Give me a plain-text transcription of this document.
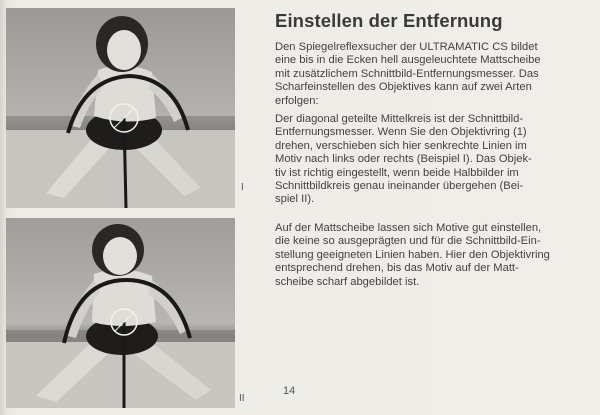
I
II
Einstellen der Entfernung

Den Spiegelreflexsucher der ULTRAMATIC CS bildet
eine bis in die Ecken hell ausgeleuchtete Mattscheibe
mit zusätzlichem Schnittbild-Entfernungsmesser. Das
Scharfeinstellen des Objektives kann auf zwei Arten
erfolgen:

Der diagonal geteilte Mittelkreis ist der Schnittbild-
Entfernungsmesser. Wenn Sie den Objektivring (1)
drehen, verschieben sich hier senkrechte Linien im
Motiv nach links oder rechts (Beispiel I). Das Objek-
tiv ist richtig eingestellt, wenn beide Halbbilder im
Schnittbildkreis genau ineinander übergehen (Bei-
spiel II).

Auf der Mattscheibe lassen sich Motive gut einstellen,
die keine so ausgeprägten und für die Schnittbild-Ein-
stellung geeigneten Linien haben. Hier den Objektivring
entsprechend drehen, bis das Motiv auf der Matt-
scheibe scharf abgebildet ist.

14
